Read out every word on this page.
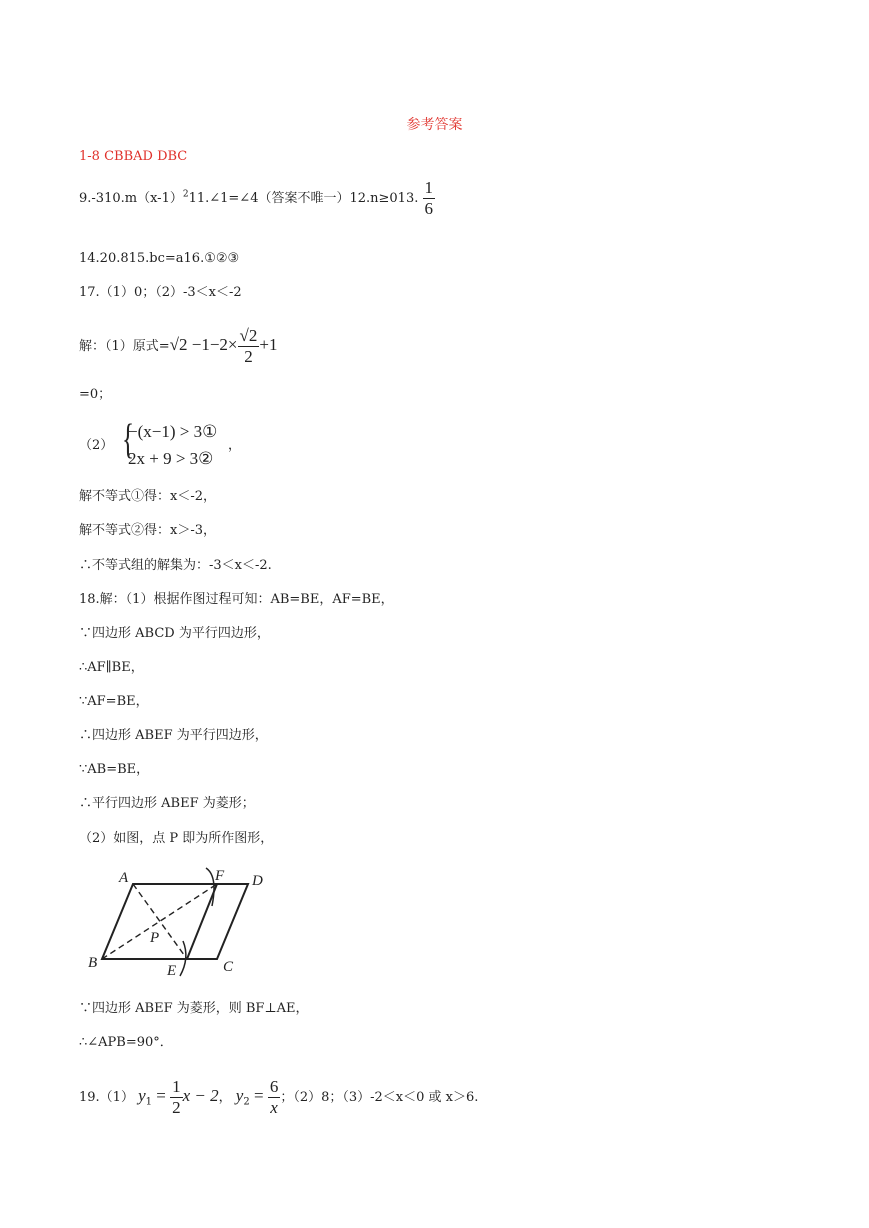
参考答案
1-8 CBBAD DBC
$9.-310.m(x-1)^211.\angle 1=\angle 4$（答案不唯一）12.n≥013. $\frac{1}{6}$
14.20.815.bc=a16.①②③
17.（1）0；（2）-3＜x＜-2
解：（1）原式$=√2 -1-2\times \frac{√2}{2} +1$
=0；
（2） {
−(x−1) > 3①
2x + 9 > 3②
，
解不等式①得：x＜-2，
解不等式②得：x＞-3，
∴不等式组的解集为：-3＜x＜-2.
18.解：（1）根据作图过程可知：AB=BE，AF=BE，
∵四边形 ABCD 为平行四边形，
∴AF∥BE，
∵AF=BE，
∴四边形 ABEF 为平行四边形，
∵AB=BE，
∴平行四边形 ABEF 为菱形；
（2）如图，点 P 即为所作图形，
A	F D
B
P
E	C
∵四边形 ABEF 为菱形，则 BF⊥AE，
∴∠APB=90°．
19.（1） $y_1 = \frac{1}{2}$ x − 2， $y_2 = \frac{6}{x}$ ；（2）8；（3）-2＜x＜0 或 x＞6.
